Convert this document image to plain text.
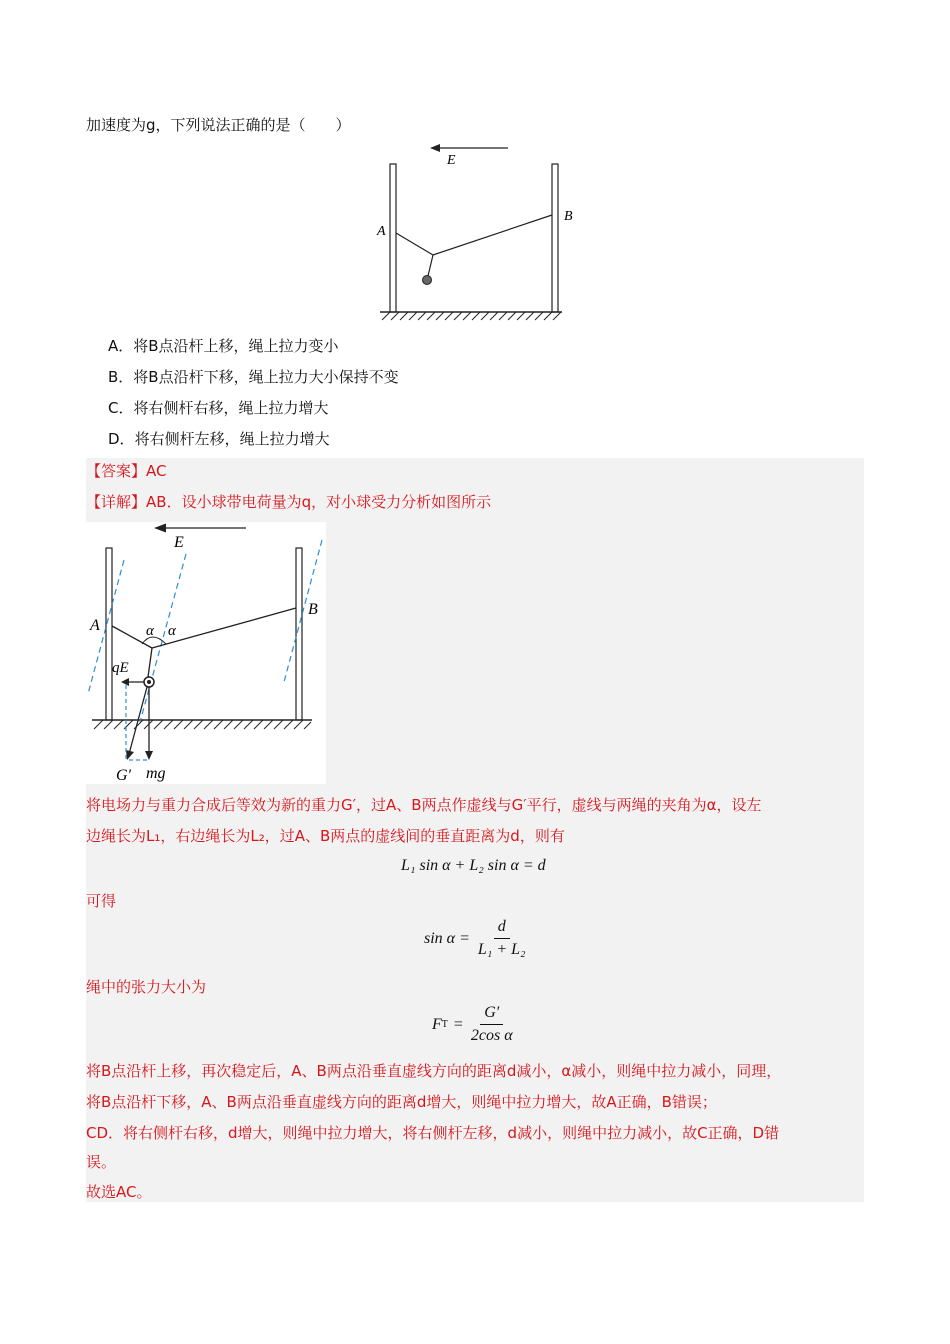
加速度为g，下列说法正确的是（　　）
E
A
B
A．将B点沿杆上移，绳上拉力变小
B．将B点沿杆下移，绳上拉力大小保持不变
C．将右侧杆右移，绳上拉力增大
D．将右侧杆左移，绳上拉力增大
【答案】AC
【详解】AB．设小球带电荷量为q，对小球受力分析如图所示
E
α α
qE
G′ mg
A
B
将电场力与重力合成后等效为新的重力G′，过A、B两点作虚线与G′平行，虚线与两绳的夹角为α，设左
边绳长为L₁，右边绳长为L₂，过A、B两点的虚线间的垂直距离为d，则有
L₁ sin α + L₂ sin α = d
可得
$\sin \alpha = \frac{d}{\text{L₁ + L₂}}$
绳中的张力大小为
F $T = \frac{G'}{\text{2cos α}}$
将B点沿杆上移，再次稳定后，A、B两点沿垂直虚线方向的距离d减小，α减小，则绳中拉力减小，同理，
将B点沿杆下移，A、B两点沿垂直虚线方向的距离d增大，则绳中拉力增大，故A正确，B错误；
CD．将右侧杆右移，d增大，则绳中拉力增大，将右侧杆左移，d减小，则绳中拉力减小，故C正确，D错
误。
故选AC。
